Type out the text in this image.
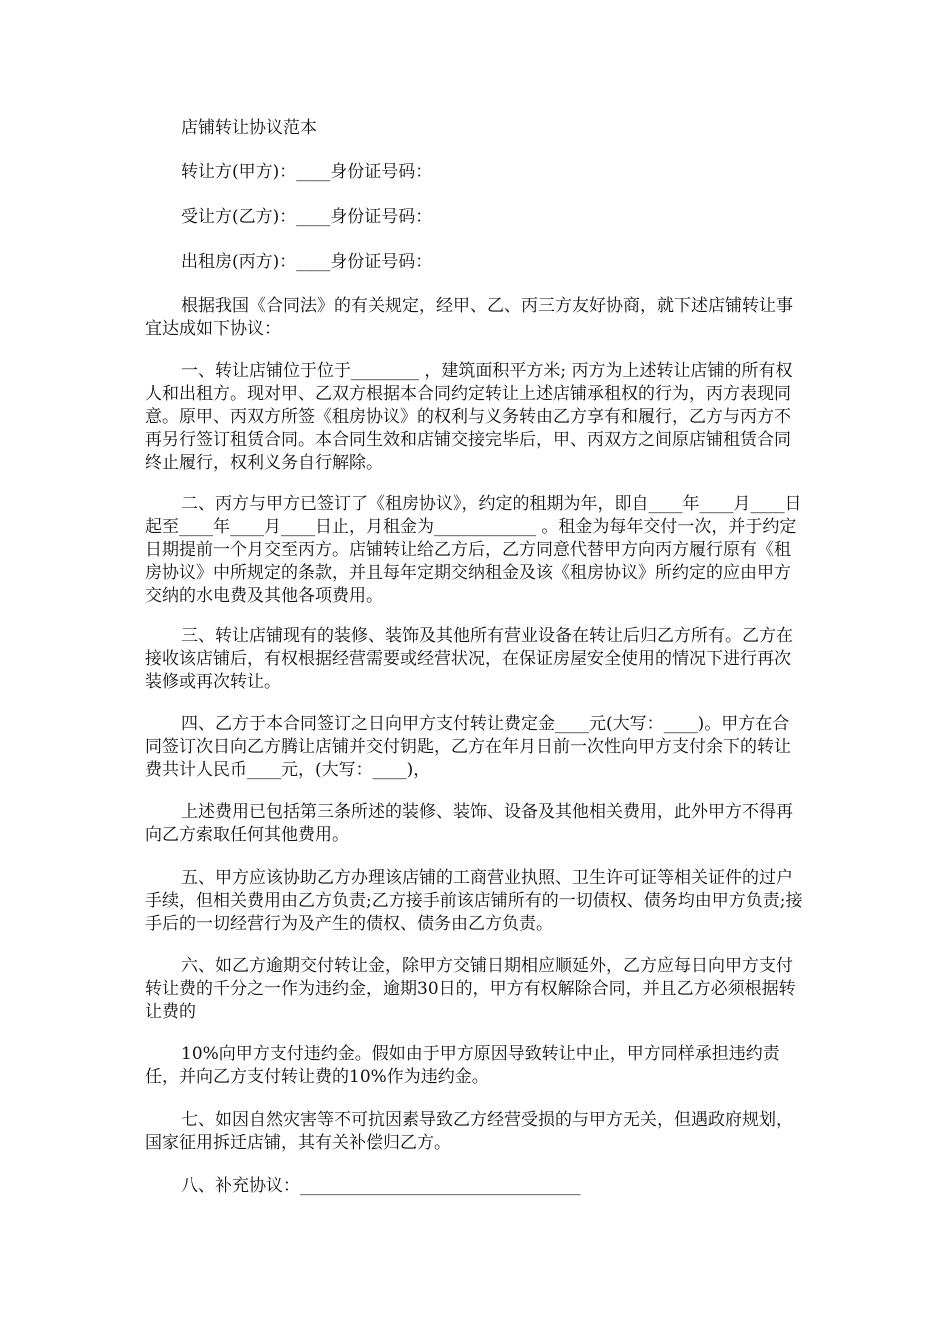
店铺转让协议范本

转让方(甲方)：____身份证号码：

受让方(乙方)：____身份证号码：

出租房(丙方)：____身份证号码：

根据我国《合同法》的有关规定，经甲、乙、丙三方友好协商，就下述店铺转让事宜达成如下协议：

一、转让店铺位于位于________ ，建筑面积平方米; 丙方为上述转让店铺的所有权人和出租方。现对甲、乙双方根据本合同约定转让上述店铺承租权的行为，丙方表现同意。原甲、丙双方所签《租房协议》的权利与义务转由乙方享有和履行，乙方与丙方不再另行签订租赁合同。本合同生效和店铺交接完毕后，甲、丙双方之间原店铺租赁合同终止履行，权利义务自行解除。

二、丙方与甲方已签订了《租房协议》，约定的租期为年，即自____年____月____日起至____年____月____日止，月租金为____________ 。租金为每年交付一次，并于约定日期提前一个月交至丙方。店铺转让给乙方后，乙方同意代替甲方向丙方履行原有《租房协议》中所规定的条款，并且每年定期交纳租金及该《租房协议》所约定的应由甲方交纳的水电费及其他各项费用。

三、转让店铺现有的装修、装饰及其他所有营业设备在转让后归乙方所有。乙方在接收该店铺后，有权根据经营需要或经营状况，在保证房屋安全使用的情况下进行再次装修或再次转让。

四、乙方于本合同签订之日向甲方支付转让费定金____元(大写：____)。甲方在合同签订次日向乙方腾让店铺并交付钥匙，乙方在年月日前一次性向甲方支付余下的转让费共计人民币____元，(大写：____)，

上述费用已包括第三条所述的装修、装饰、设备及其他相关费用，此外甲方不得再向乙方索取任何其他费用。

五、甲方应该协助乙方办理该店铺的工商营业执照、卫生许可证等相关证件的过户手续，但相关费用由乙方负责;乙方接手前该店铺所有的一切债权、债务均由甲方负责;接手后的一切经营行为及产生的债权、债务由乙方负责。

六、如乙方逾期交付转让金，除甲方交铺日期相应顺延外，乙方应每日向甲方支付转让费的千分之一作为违约金，逾期30日的，甲方有权解除合同，并且乙方必须根据转让费的

10%向甲方支付违约金。假如由于甲方原因导致转让中止，甲方同样承担违约责任，并向乙方支付转让费的10%作为违约金。

七、如因自然灾害等不可抗因素导致乙方经营受损的与甲方无关，但遇政府规划，国家征用拆迁店铺，其有关补偿归乙方。

八、补充协议：_________________________________
